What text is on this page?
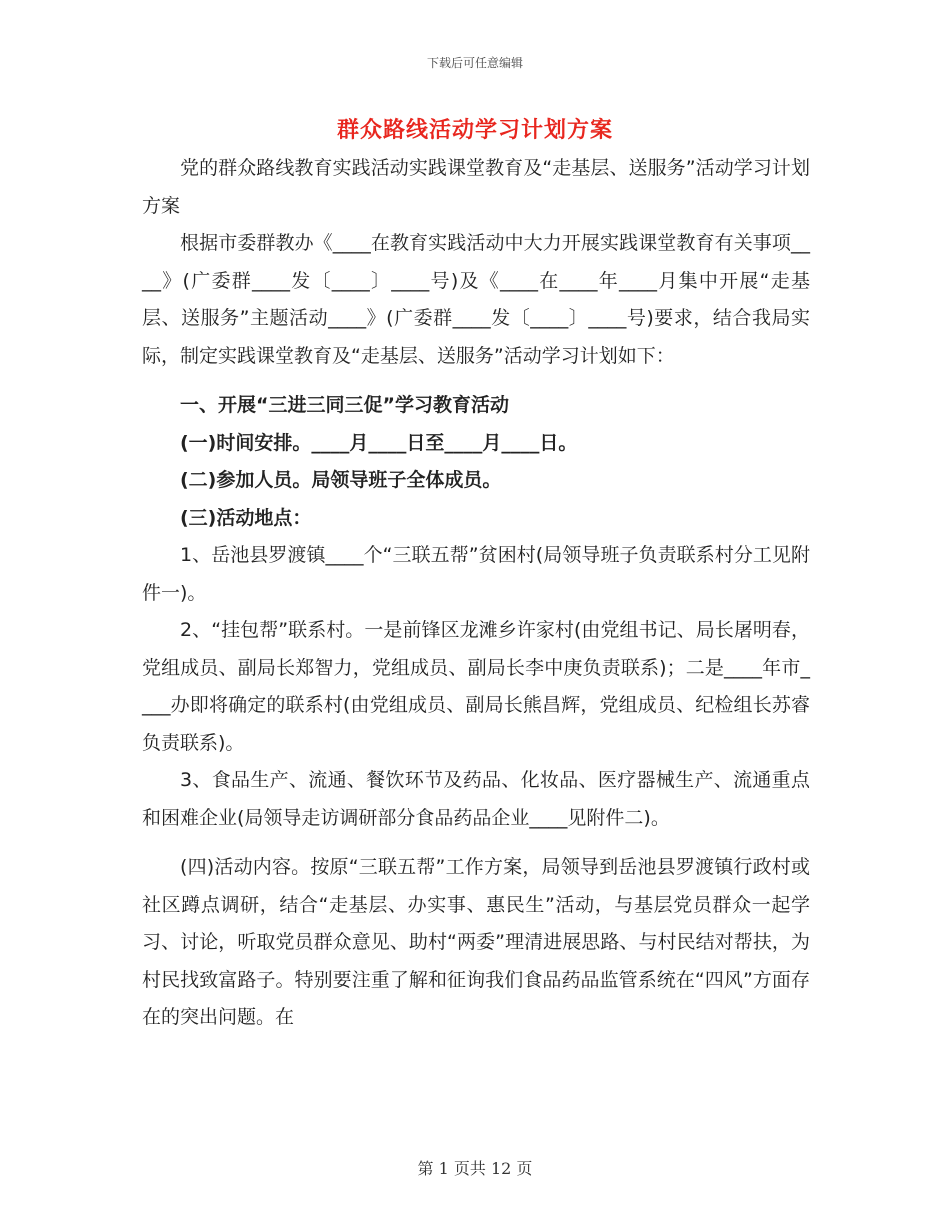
下载后可任意编辑
群众路线活动学习计划方案

党的群众路线教育实践活动实践课堂教育及“走基层、送服务”活动学习计划方案

根据市委群教办《____在教育实践活动中大力开展实践课堂教育有关事项____》(广委群____发〔____〕____号)及《____在____年____月集中开展“走基层、送服务”主题活动____》(广委群____发〔____〕____号)要求，结合我局实际，制定实践课堂教育及“走基层、送服务”活动学习计划如下：

一、开展“三进三同三促”学习教育活动

(一)时间安排。____月____日至____月____日。

(二)参加人员。局领导班子全体成员。

(三)活动地点：

1、岳池县罗渡镇____个“三联五帮”贫困村(局领导班子负责联系村分工见附件一)。

2、“挂包帮”联系村。一是前锋区龙滩乡许家村(由党组书记、局长屠明春，党组成员、副局长郑智力，党组成员、副局长李中庚负责联系)；二是____年市____办即将确定的联系村(由党组成员、副局长熊昌辉，党组成员、纪检组长苏睿负责联系)。

3、食品生产、流通、餐饮环节及药品、化妆品、医疗器械生产、流通重点和困难企业(局领导走访调研部分食品药品企业____见附件二)。

(四)活动内容。按原“三联五帮”工作方案，局领导到岳池县罗渡镇行政村或社区蹲点调研，结合“走基层、办实事、惠民生”活动，与基层党员群众一起学习、讨论，听取党员群众意见、助村“两委”理清进展思路、与村民结对帮扶，为村民找致富路子。特别要注重了解和征询我们食品药品监管系统在“四风”方面存在的突出问题。在

第 1 页共 12 页
